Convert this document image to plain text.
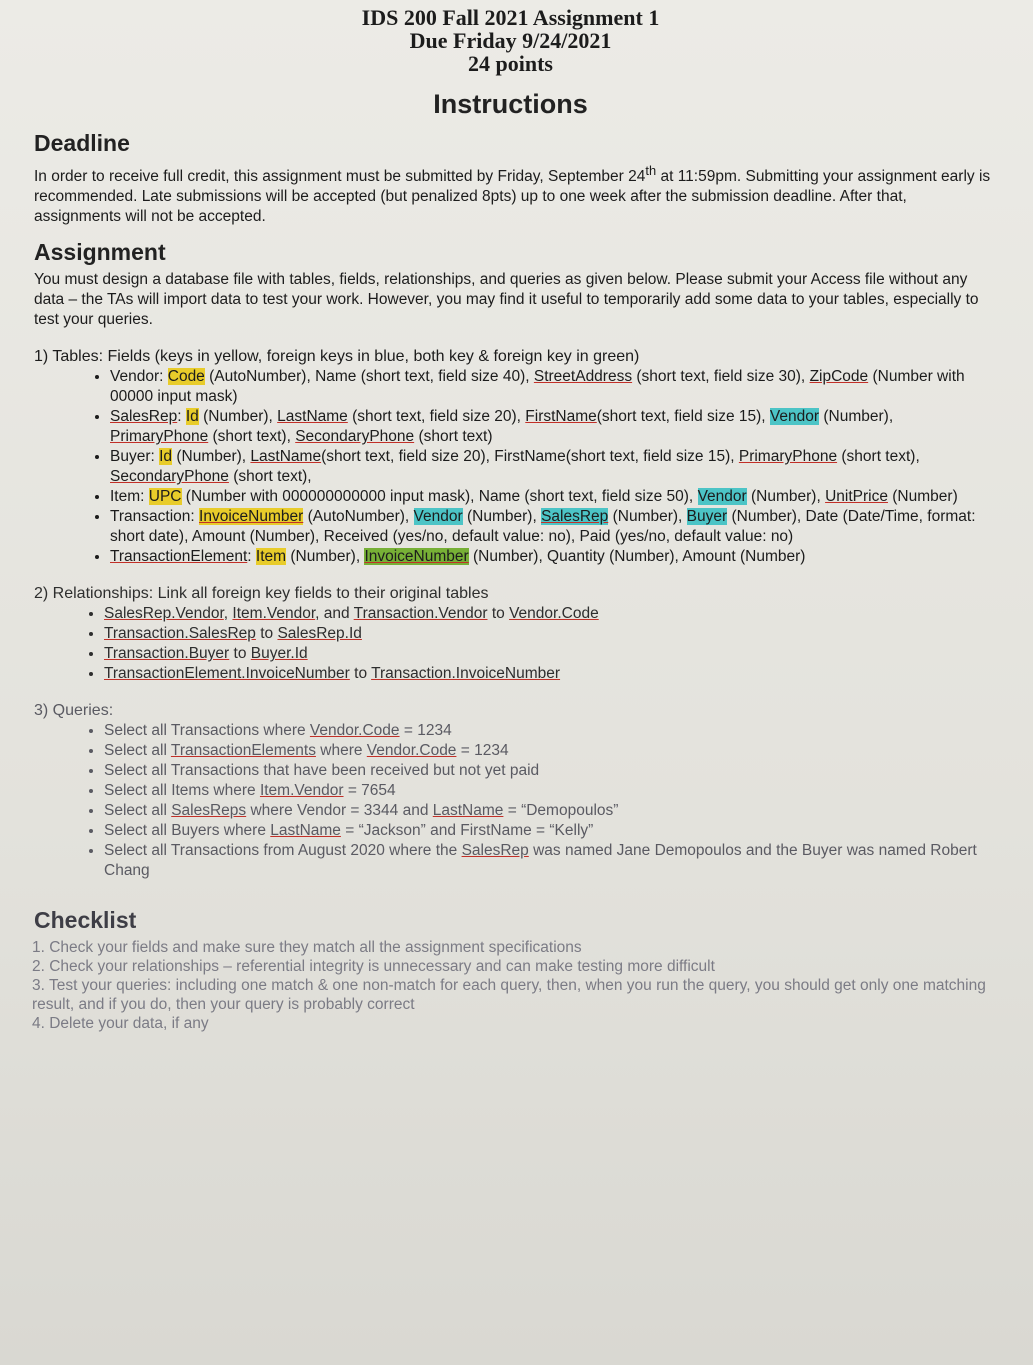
IDS 200 Fall 2021 Assignment 1
Due Friday 9/24/2021
24 points
Instructions
Deadline

In order to receive full credit, this assignment must be submitted by Friday, September 24th at 11:59pm. Submitting your assignment early is recommended. Late submissions will be accepted (but penalized 8pts) up to one week after the submission deadline. After that, assignments will not be accepted.

Assignment

You must design a database file with tables, fields, relationships, and queries as given below. Please submit your Access file without any data – the TAs will import data to test your work. However, you may find it useful to temporarily add some data to your tables, especially to test your queries.

1) Tables: Fields (keys in yellow, foreign keys in blue, both key & foreign key in green)
• Vendor: Code (AutoNumber), Name (short text, field size 40), StreetAddress (short text, field size 30), ZipCode (Number with 00000 input mask)
• SalesRep: Id (Number), LastName (short text, field size 20), FirstName(short text, field size 15), Vendor (Number), PrimaryPhone (short text), SecondaryPhone (short text)
• Buyer: Id (Number), LastName(short text, field size 20), FirstName(short text, field size 15), PrimaryPhone (short text), SecondaryPhone (short text),
• Item: UPC (Number with 000000000000 input mask), Name (short text, field size 50), Vendor (Number), UnitPrice (Number)
• Transaction: InvoiceNumber (AutoNumber), Vendor (Number), SalesRep (Number), Buyer (Number), Date (Date/Time, format: short date), Amount (Number), Received (yes/no, default value: no), Paid (yes/no, default value: no)
• TransactionElement: Item (Number), InvoiceNumber (Number), Quantity (Number), Amount (Number)
2) Relationships: Link all foreign key fields to their original tables
• SalesRep.Vendor, Item.Vendor, and Transaction.Vendor to Vendor.Code
• Transaction.SalesRep to SalesRep.Id
• Transaction.Buyer to Buyer.Id
• TransactionElement.InvoiceNumber to Transaction.InvoiceNumber
3) Queries:
• Select all Transactions where Vendor.Code = 1234
• Select all TransactionElements where Vendor.Code = 1234
• Select all Transactions that have been received but not yet paid
• Select all Items where Item.Vendor = 7654
• Select all SalesReps where Vendor = 3344 and LastName = “Demopoulos”
• Select all Buyers where LastName = “Jackson” and FirstName = “Kelly”
• Select all Transactions from August 2020 where the SalesRep was named Jane Demopoulos and the Buyer was named Robert Chang
Checklist

1. Check your fields and make sure they match all the assignment specifications

2. Check your relationships – referential integrity is unnecessary and can make testing more difficult

3. Test your queries: including one match & one non-match for each query, then, when you run the query, you should get only one matching result, and if you do, then your query is probably correct

4. Delete your data, if any
